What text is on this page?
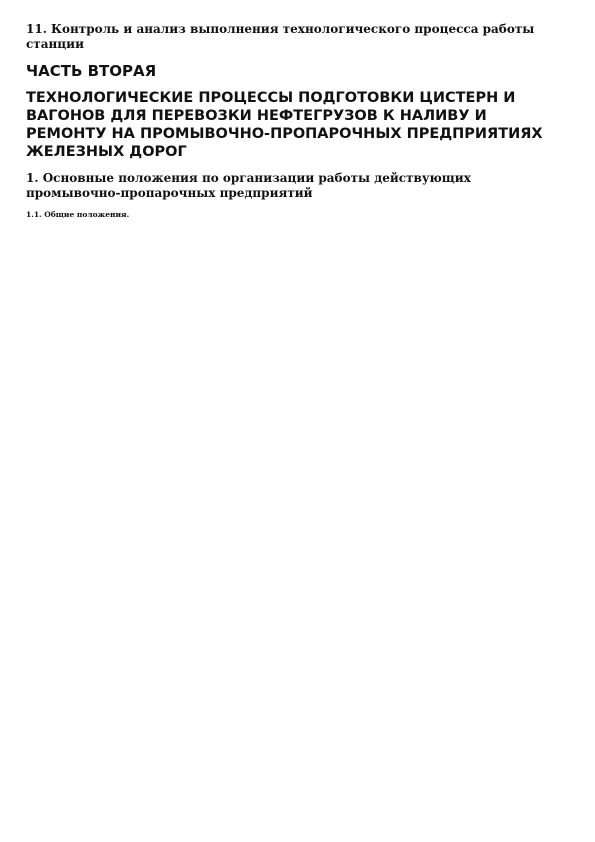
11. Контроль и анализ выполнения технологического процесса работы станции

ЧАСТЬ ВТОРАЯ
ТЕХНОЛОГИЧЕСКИЕ ПРОЦЕССЫ ПОДГОТОВКИ ЦИСТЕРН И ВАГОНОВ ДЛЯ ПЕРЕВОЗКИ НЕФТЕГРУЗОВ К НАЛИВУ И РЕМОНТУ НА ПРОМЫВОЧНО-ПРОПАРОЧНЫХ ПРЕДПРИЯТИЯХ ЖЕЛЕЗНЫХ ДОРОГ
1. Основные положения по организации работы действующих промывочно-пропарочных предприятий

1.1. Общие положения.
